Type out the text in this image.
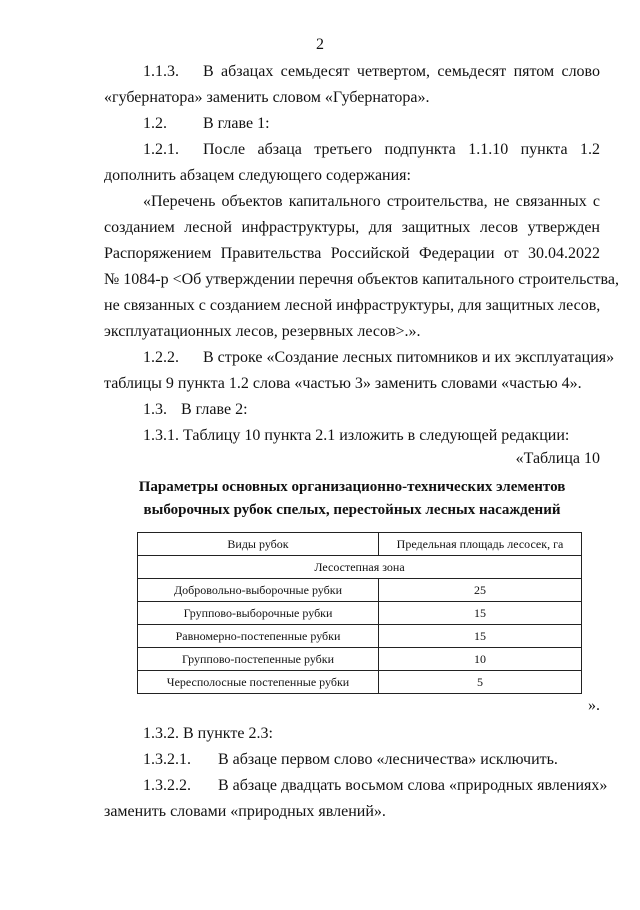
2
1.1.3. В абзацах семьдесят четвертом, семьдесят пятом слово
«губернатора» заменить словом «Губернатора».
1.2. В главе 1:
1.2.1. После абзаца третьего подпункта 1.1.10 пункта 1.2
дополнить абзацем следующего содержания:
«Перечень объектов капитального строительства, не связанных с
созданием лесной инфраструктуры, для защитных лесов утвержден
Распоряжением Правительства Российской Федерации от 30.04.2022
№ 1084-р <Об утверждении перечня объектов капитального строительства,
не связанных с созданием лесной инфраструктуры, для защитных лесов,
эксплуатационных лесов, резервных лесов>.».
1.2.2. В строке «Создание лесных питомников и их эксплуатация»
таблицы 9 пункта 1.2 слова «частью 3» заменить словами «частью 4».
1.3. В главе 2:
1.3.1. Таблицу 10 пункта 2.1 изложить в следующей редакции:
«Таблица 10
Параметры основных организационно-технических элементов
выборочных рубок спелых, перестойных лесных насаждений
Виды рубок	Предельная площадь лесосек, га
Лесостепная зона	
Добровольно-выборочные рубки	25
Группово-выборочные рубки	15
Равномерно-постепенные рубки	15
Группово-постепенные рубки	10
Чересполосные постепенные рубки	5
».
1.3.2. В пункте 2.3:
1.3.2.1. В абзаце первом слово «лесничества» исключить.
1.3.2.2. В абзаце двадцать восьмом слова «природных явлениях»
заменить словами «природных явлений».
